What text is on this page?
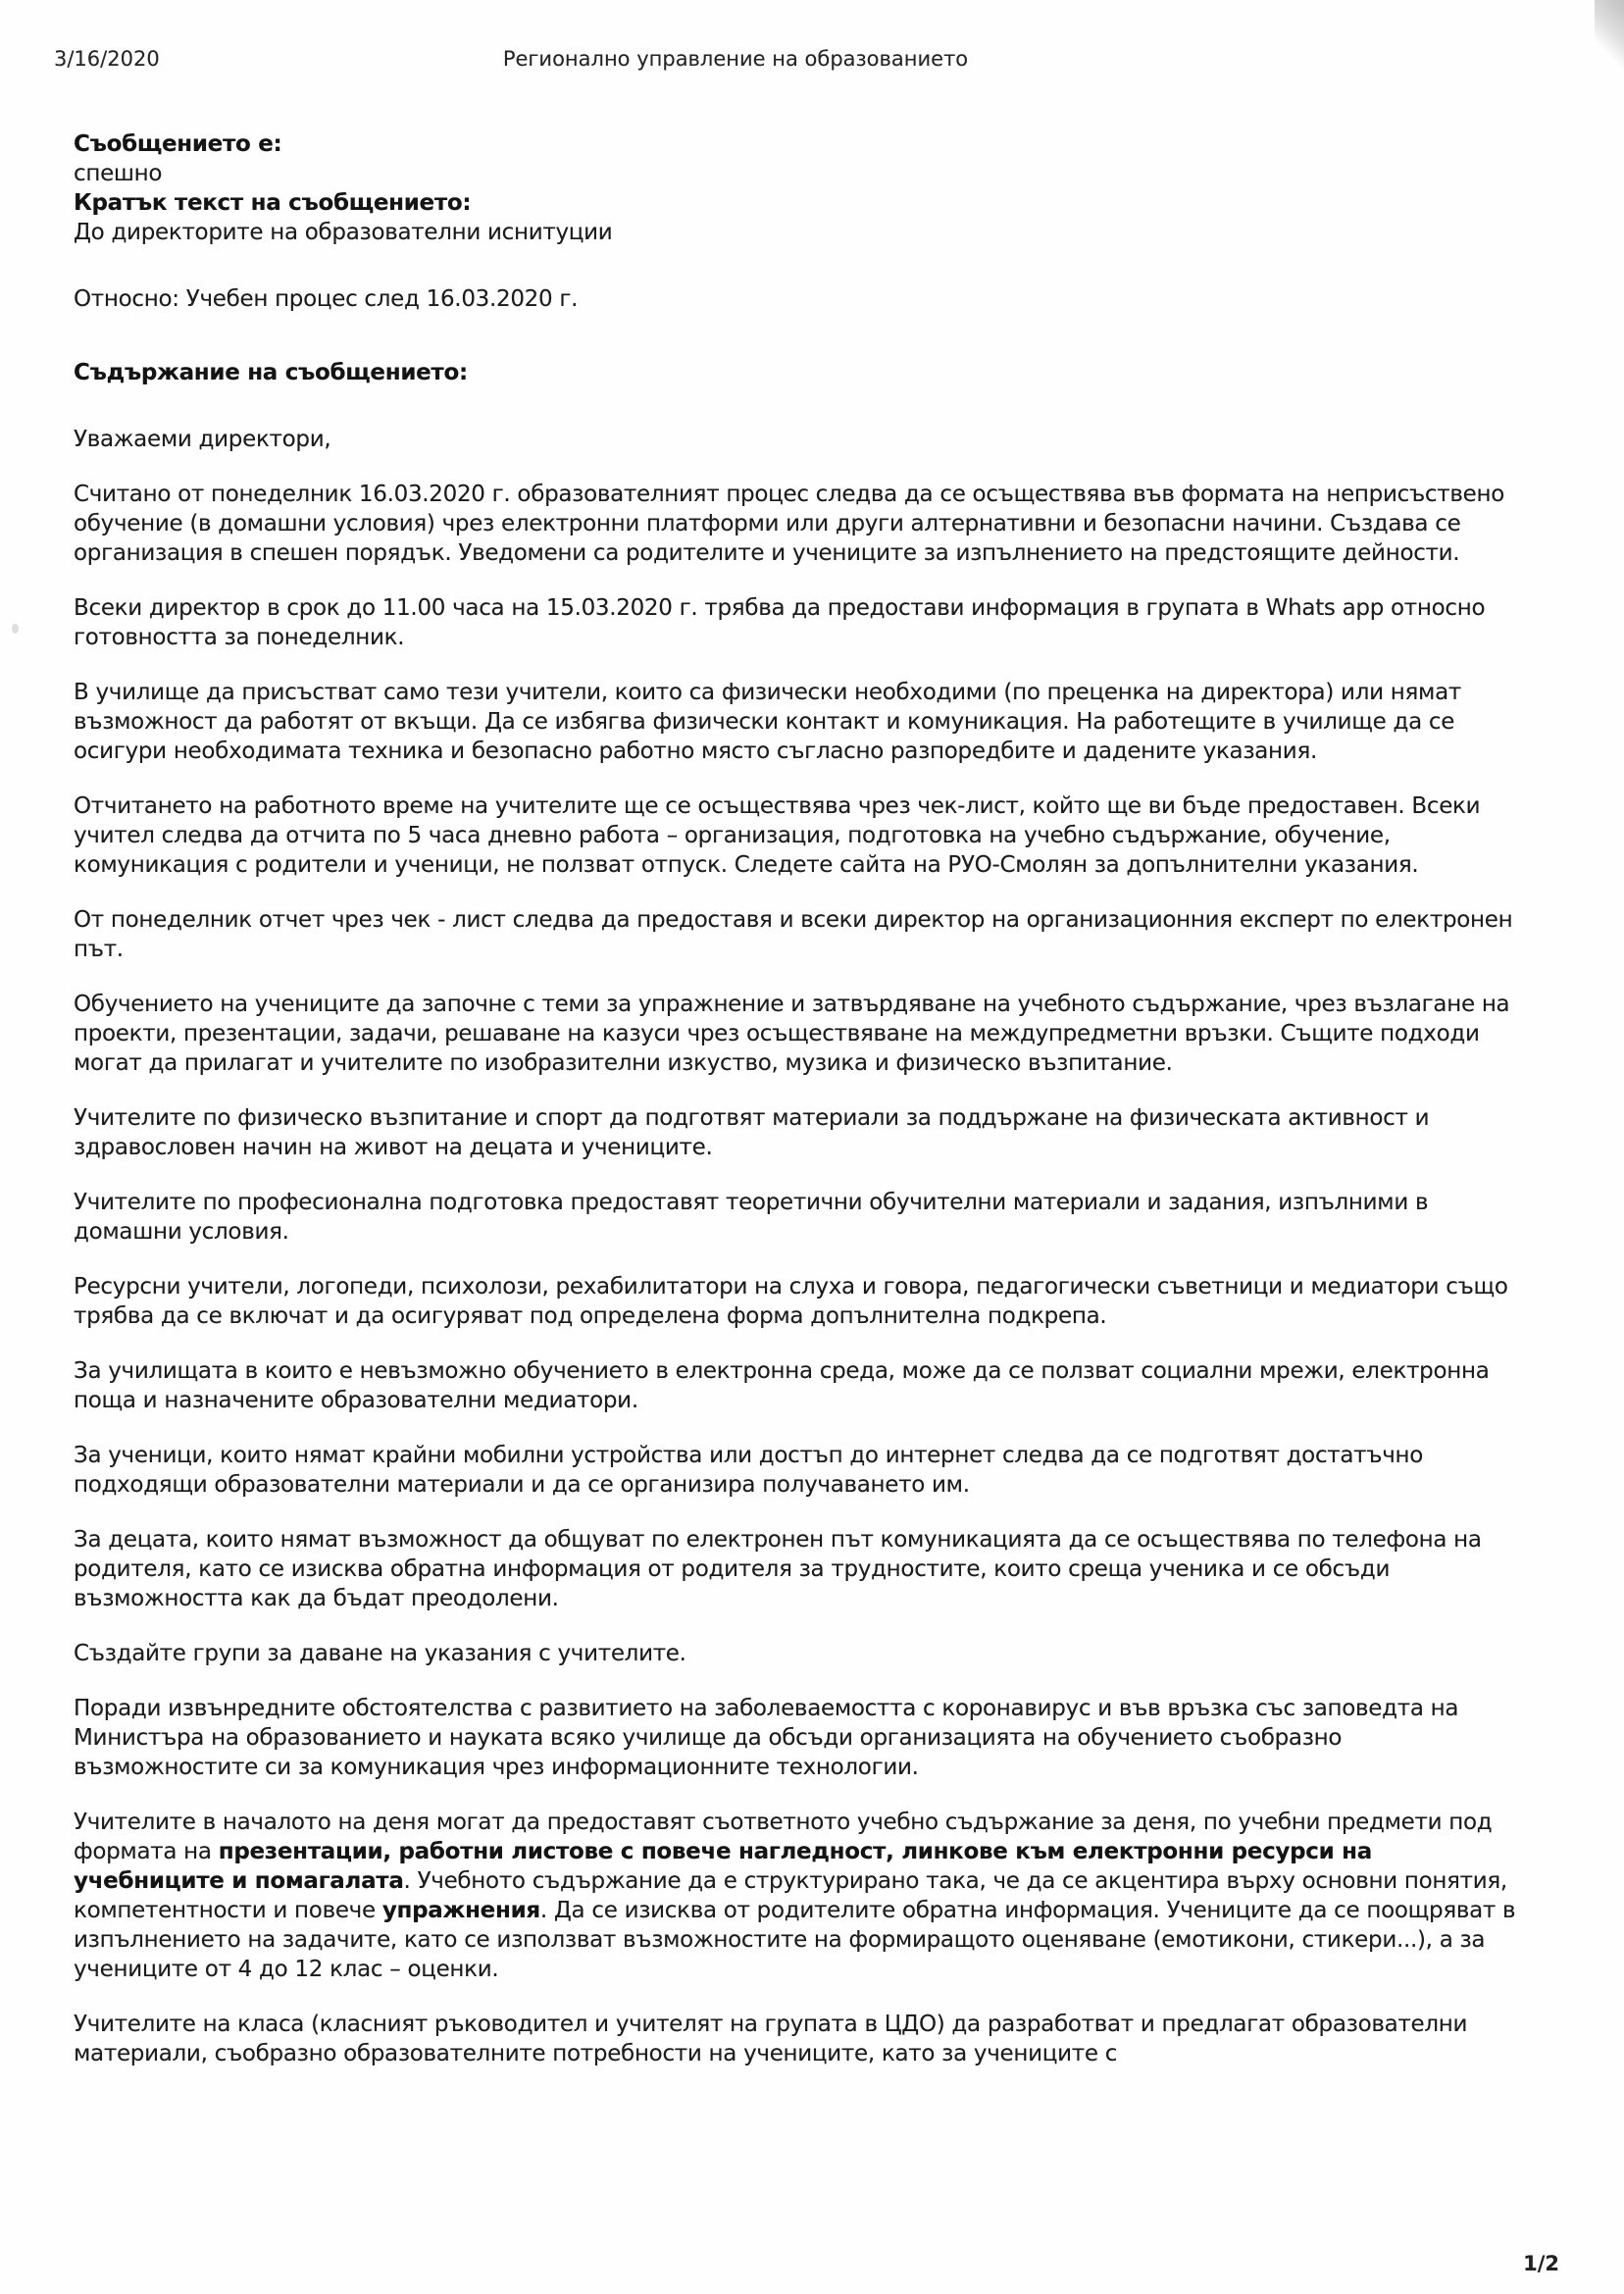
3/16/2020	Регионално управление на образованието
Съобщението е:
спешно
Кратък текст на съобщението:
До директорите на образователни иснитуции
Относно: Учебен процес след 16.03.2020 г.
Съдържание на съобщението:
Уважаеми директори,

Считано от понеделник 16.03.2020 г. образователният процес следва да се осъществява във формата на неприсъствено обучение (в домашни условия) чрез електронни платформи или други алтернативни и безопасни начини. Създава се организация в спешен порядък. Уведомени са родителите и учениците за изпълнението на предстоящите дейности.

Всеки директор в срок до 11.00 часа на 15.03.2020 г. трябва да предостави информация в групата в Whats app относно готовността за понеделник.

В училище да присъстват само тези учители, които са физически необходими (по преценка на директора) или нямат възможност да работят от вкъщи. Да се избягва физически контакт и комуникация. На работещите в училище да се осигури необходимата техника и безопасно работно място съгласно разпоредбите и дадените указания.

Отчитането на работното време на учителите ще се осъществява чрез чек-лист, който ще ви бъде предоставен. Всеки учител следва да отчита по 5 часа дневно работа – организация, подготовка на учебно съдържание, обучение, комуникация с родители и ученици, не ползват отпуск. Следете сайта на РУО-Смолян за допълнителни указания.

От понеделник отчет чрез чек - лист следва да предоставя и всеки директор на организационния експерт по електронен път.

Обучението на учениците да започне с теми за упражнение и затвърдяване на учебното съдържание, чрез възлагане на проекти, презентации, задачи, решаване на казуси чрез осъществяване на междупредметни връзки. Същите подходи могат да прилагат и учителите по изобразителни изкуство, музика и физическо възпитание.

Учителите по физическо възпитание и спорт да подготвят материали за поддържане на физическата активност и здравословен начин на живот на децата и учениците.

Учителите по професионална подготовка предоставят теоретични обучителни материали и задания, изпълними в домашни условия.

Ресурсни учители, логопеди, психолози, рехабилитатори на слуха и говора, педагогически съветници и медиатори също трябва да се включат и да осигуряват под определена форма допълнителна подкрепа.

За училищата в които е невъзможно обучението в електронна среда, може да се ползват социални мрежи, електронна поща и назначените образователни медиатори.

За ученици, които нямат крайни мобилни устройства или достъп до интернет следва да се подготвят достатъчно подходящи образователни материали и да се организира получаването им.

За децата, които нямат възможност да общуват по електронен път комуникацията да се осъществява по телефона на родителя, като се изисква обратна информация от родителя за трудностите, които среща ученика и се обсъди възможността как да бъдат преодолени.

Създайте групи за даване на указания с учителите.

Поради извънредните обстоятелства с развитието на заболеваемостта с коронавирус и във връзка със заповедта на Министъра на образованието и науката всяко училище да обсъди организацията на обучението съобразно възможностите си за комуникация чрез информационните технологии.

Учителите в началото на деня могат да предоставят съответното учебно съдържание за деня, по учебни предмети под формата на презентации, работни листове с повече нагледност, линкове към електронни ресурси на учебниците и помагалата. Учебното съдържание да е структурирано така, че да се акцентира върху основни понятия, компетентности и повече упражнения. Да се изисква от родителите обратна информация. Учениците да се поощряват в изпълнението на задачите, като се използват възможностите на формиращото оценяване (емотикони, стикери...), а за учениците от 4 до 12 клас – оценки.

Учителите на класа (класният ръководител и учителят на групата в ЦДО) да разработват и предлагат образователни материали, съобразно образователните потребности на учениците, като за учениците с

1/2
